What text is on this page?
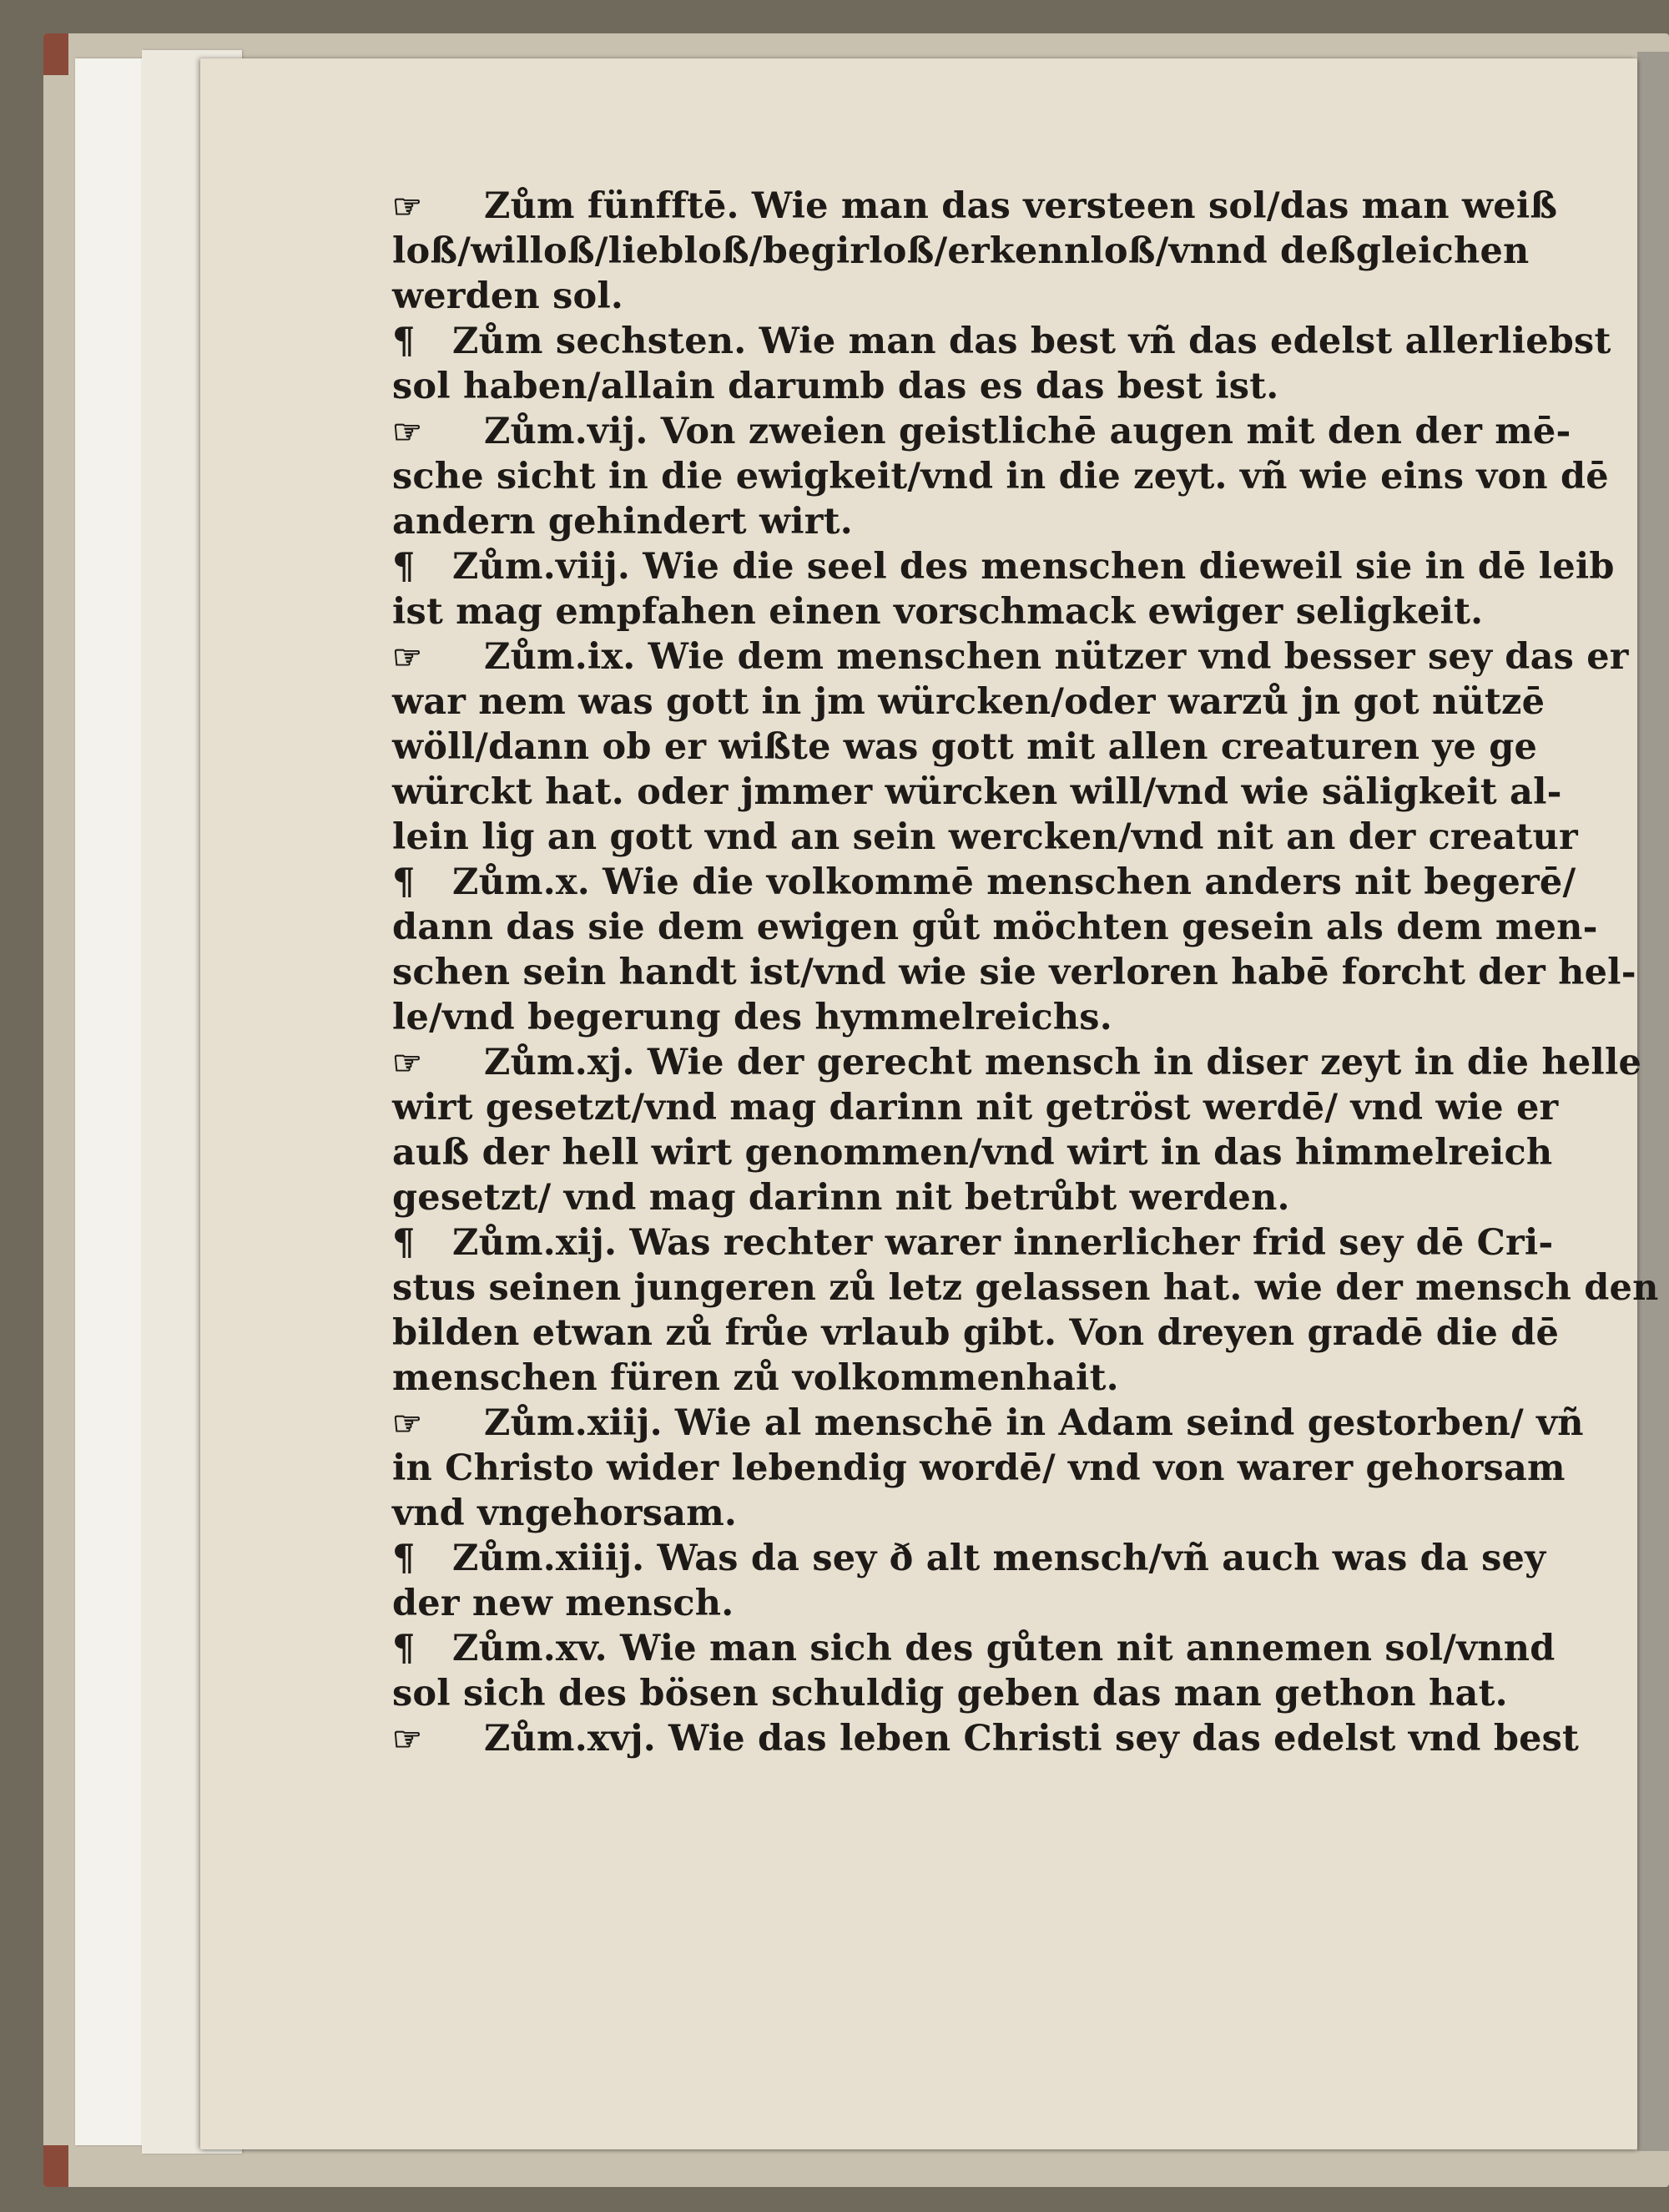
☞ Zům fünfftē. Wie man das versteen sol/das man weiß
loß/willoß/liebloß/begirloß/erkennloß/vnnd deßgleichen
werden sol.
¶ Zům sechsten. Wie man das best vñ das edelst allerliebst
sol haben/allain darumb das es das best ist.
☞ Zům.vij. Von zweien geistlichē augen mit den der mē-
sche sicht in die ewigkeit/vnd in die zeyt. vñ wie eins von dē
andern gehindert wirt.
¶ Zům.viij. Wie die seel des menschen dieweil sie in dē leib
ist mag empfahen einen vorschmack ewiger seligkeit.
☞ Zům.ix. Wie dem menschen nützer vnd besser sey das er
war nem was gott in jm würcken/oder warzů jn got nützē
wöll/dann ob er wißte was gott mit allen creaturen ye ge
würckt hat. oder jmmer würcken will/vnd wie säligkeit al-
lein lig an gott vnd an sein wercken/vnd nit an der creatur
¶ Zům.x. Wie die volkommē menschen anders nit begerē/
dann das sie dem ewigen gůt möchten gesein als dem men-
schen sein handt ist/vnd wie sie verloren habē forcht der hel-
le/vnd begerung des hymmelreichs.
☞ Zům.xj. Wie der gerecht mensch in diser zeyt in die helle
wirt gesetzt/vnd mag darinn nit getröst werdē/ vnd wie er
auß der hell wirt genommen/vnd wirt in das himmelreich
gesetzt/ vnd mag darinn nit betrůbt werden.
¶ Zům.xij. Was rechter warer innerlicher frid sey dē Cri-
stus seinen jungeren zů letz gelassen hat. wie der mensch den
bilden etwan zů frůe vrlaub gibt. Von dreyen gradē die dē
menschen füren zů volkommenhait.
☞ Zům.xiij. Wie al menschē in Adam seind gestorben/ vñ
in Christo wider lebendig wordē/ vnd von warer gehorsam
vnd vngehorsam.
¶ Zům.xiiij. Was da sey ð alt mensch/vñ auch was da sey
der new mensch.
¶ Zům.xv. Wie man sich des gůten nit annemen sol/vnnd
sol sich des bösen schuldig geben das man gethon hat.
☞ Zům.xvj. Wie das leben Christi sey das edelst vnd best
